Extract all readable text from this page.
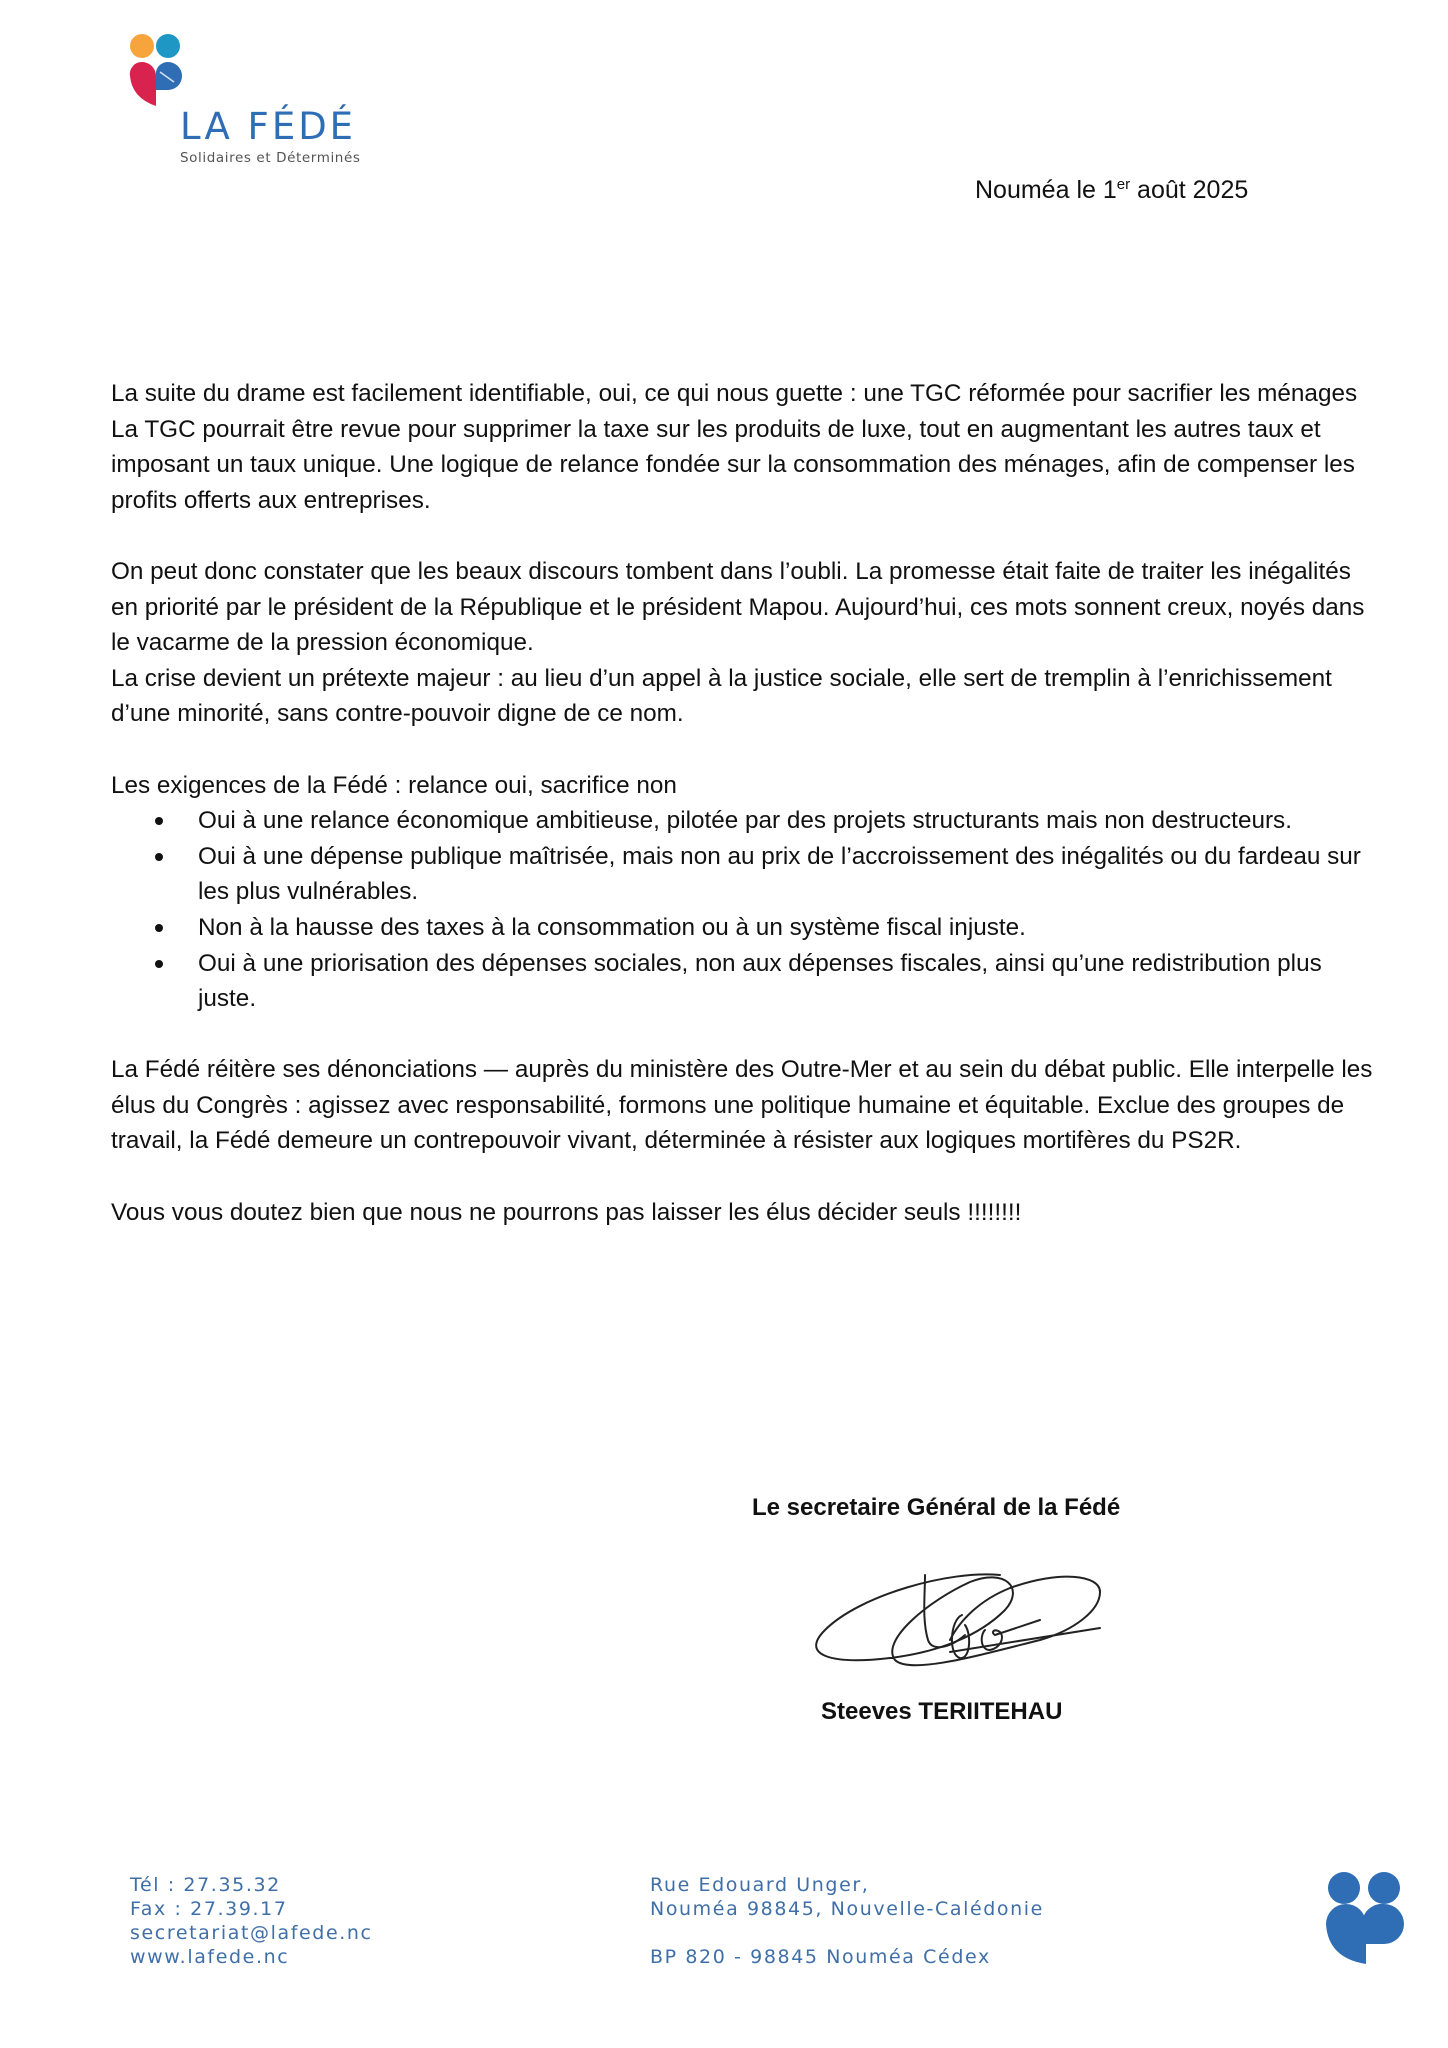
LA FÉDÉ
Solidaires et Déterminés
Nouméa le 1er août 2025

La suite du drame est facilement identifiable, oui, ce qui nous guette : une TGC réformée pour sacrifier les ménages

La TGC pourrait être revue pour supprimer la taxe sur les produits de luxe, tout en augmentant les autres taux et imposant un taux unique. Une logique de relance fondée sur la consommation des ménages, afin de compenser les profits offerts aux entreprises.

On peut donc constater que les beaux discours tombent dans l’oubli. La promesse était faite de traiter les inégalités en priorité par le président de la République et le président Mapou. Aujourd’hui, ces mots sonnent creux, noyés dans le vacarme de la pression économique.

La crise devient un prétexte majeur : au lieu d’un appel à la justice sociale, elle sert de tremplin à l’enrichissement d’une minorité, sans contre-pouvoir digne de ce nom.

Les exigences de la Fédé : relance oui, sacrifice non

Oui à une relance économique ambitieuse, pilotée par des projets structurants mais non destructeurs.
Oui à une dépense publique maîtrisée, mais non au prix de l’accroissement des inégalités ou du fardeau sur les plus vulnérables.
Non à la hausse des taxes à la consommation ou à un système fiscal injuste.
Oui à une priorisation des dépenses sociales, non aux dépenses fiscales, ainsi qu’une redistribution plus juste.

La Fédé réitère ses dénonciations — auprès du ministère des Outre-Mer et au sein du débat public. Elle interpelle les élus du Congrès : agissez avec responsabilité, formons une politique humaine et équitable. Exclue des groupes de travail, la Fédé demeure un contrepouvoir vivant, déterminée à résister aux logiques mortifères du PS2R.

Vous vous doutez bien que nous ne pourrons pas laisser les élus décider seuls !!!!!!!!

Le secretaire Général de la Fédé
Steeves TERIITEHAU
Tél : 27.35.32
Fax : 27.39.17
secretariat@lafede.nc
www.lafede.nc
Rue Edouard Unger,
Nouméa 98845, Nouvelle-Calédonie
BP 820 - 98845 Nouméa Cédex
